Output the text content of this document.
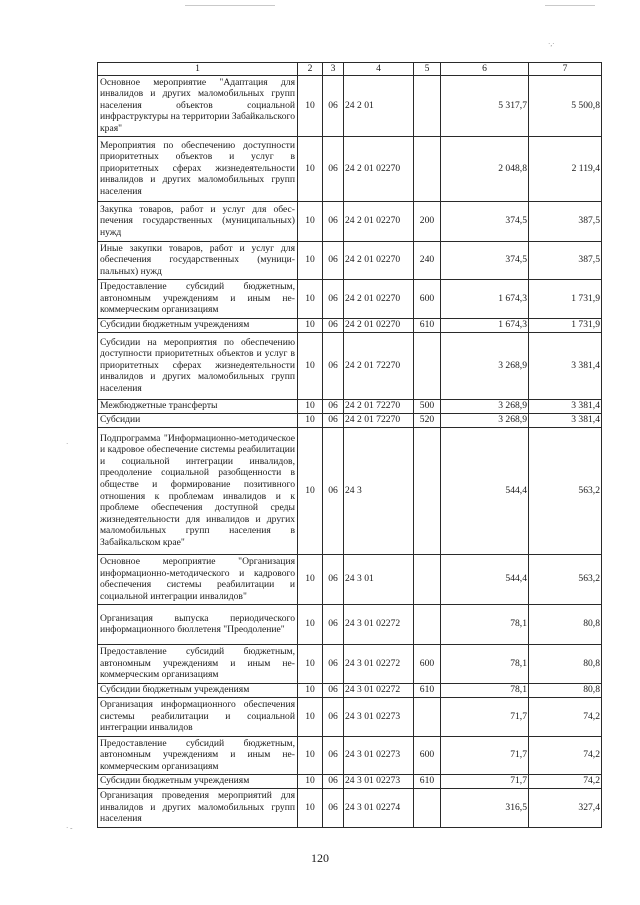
·,·
·
· -
1	2	3	4	5	6	7
Основное мероприятие "Адаптация для инвалидов и других маломобильных групп населения объектов социальной инфраструктуры на территории Забайкальского края"	10	06	24 2 01		5 317,7	5 500,8
Мероприятия по обеспечению доступности приоритетных объектов и услуг в приоритетных сферах жизнедеятельности инвалидов и других маломобильных групп населения	10	06	24 2 01 02270		2 048,8	2 119,4
Закупка товаров, работ и услуг для обеспечения государственных (муниципальных) нужд	10	06	24 2 01 02270	200	374,5	387,5
Иные закупки товаров, работ и услуг для обеспечения государственных (муниципальных) нужд	10	06	24 2 01 02270	240	374,5	387,5
Предоставление субсидий бюджетным, автономным учреждениям и иным некоммерческим организациям	10	06	24 2 01 02270	600	1 674,3	1 731,9
Субсидии бюджетным учреждениям	10	06	24 2 01 02270	610	1 674,3	1 731,9
Субсидии на мероприятия по обеспечению доступности приоритетных объектов и услуг в приоритетных сферах жизнедеятельности инвалидов и других маломобильных групп населения	10	06	24 2 01 72270		3 268,9	3 381,4
Межбюджетные трансферты	10	06	24 2 01 72270	500	3 268,9	3 381,4
Субсидии	10	06	24 2 01 72270	520	3 268,9	3 381,4
Подпрограмма "Информационно-методическое и кадровое обеспечение системы реабилитации и социальной интеграции инвалидов, преодоление социальной разобщенности в обществе и формирование позитивного отношения к проблемам инвалидов и к проблеме обеспечения доступной среды жизнедеятельности для инвалидов и других маломобильных групп населения в Забайкальском крае"	10	06	24 3		544,4	563,2
Основное мероприятие "Организация информационно-методического и кадрового обеспечения системы реабилитации и социальной интеграции инвалидов"	10	06	24 3 01		544,4	563,2
Организация выпуска периодического информационного бюллетеня "Преодоление"	10	06	24 3 01 02272		78,1	80,8
Предоставление субсидий бюджетным, автономным учреждениям и иным некоммерческим организациям	10	06	24 3 01 02272	600	78,1	80,8
Субсидии бюджетным учреждениям	10	06	24 3 01 02272	610	78,1	80,8
Организация информационного обеспечения системы реабилитации и социальной интеграции инвалидов	10	06	24 3 01 02273		71,7	74,2
Предоставление субсидий бюджетным, автономным учреждениям и иным некоммерческим организациям	10	06	24 3 01 02273	600	71,7	74,2
Субсидии бюджетным учреждениям	10	06	24 3 01 02273	610	71,7	74,2
Организация проведения мероприятий для инвалидов и других маломобильных групп населения	10	06	24 3 01 02274		316,5	327,4
120
